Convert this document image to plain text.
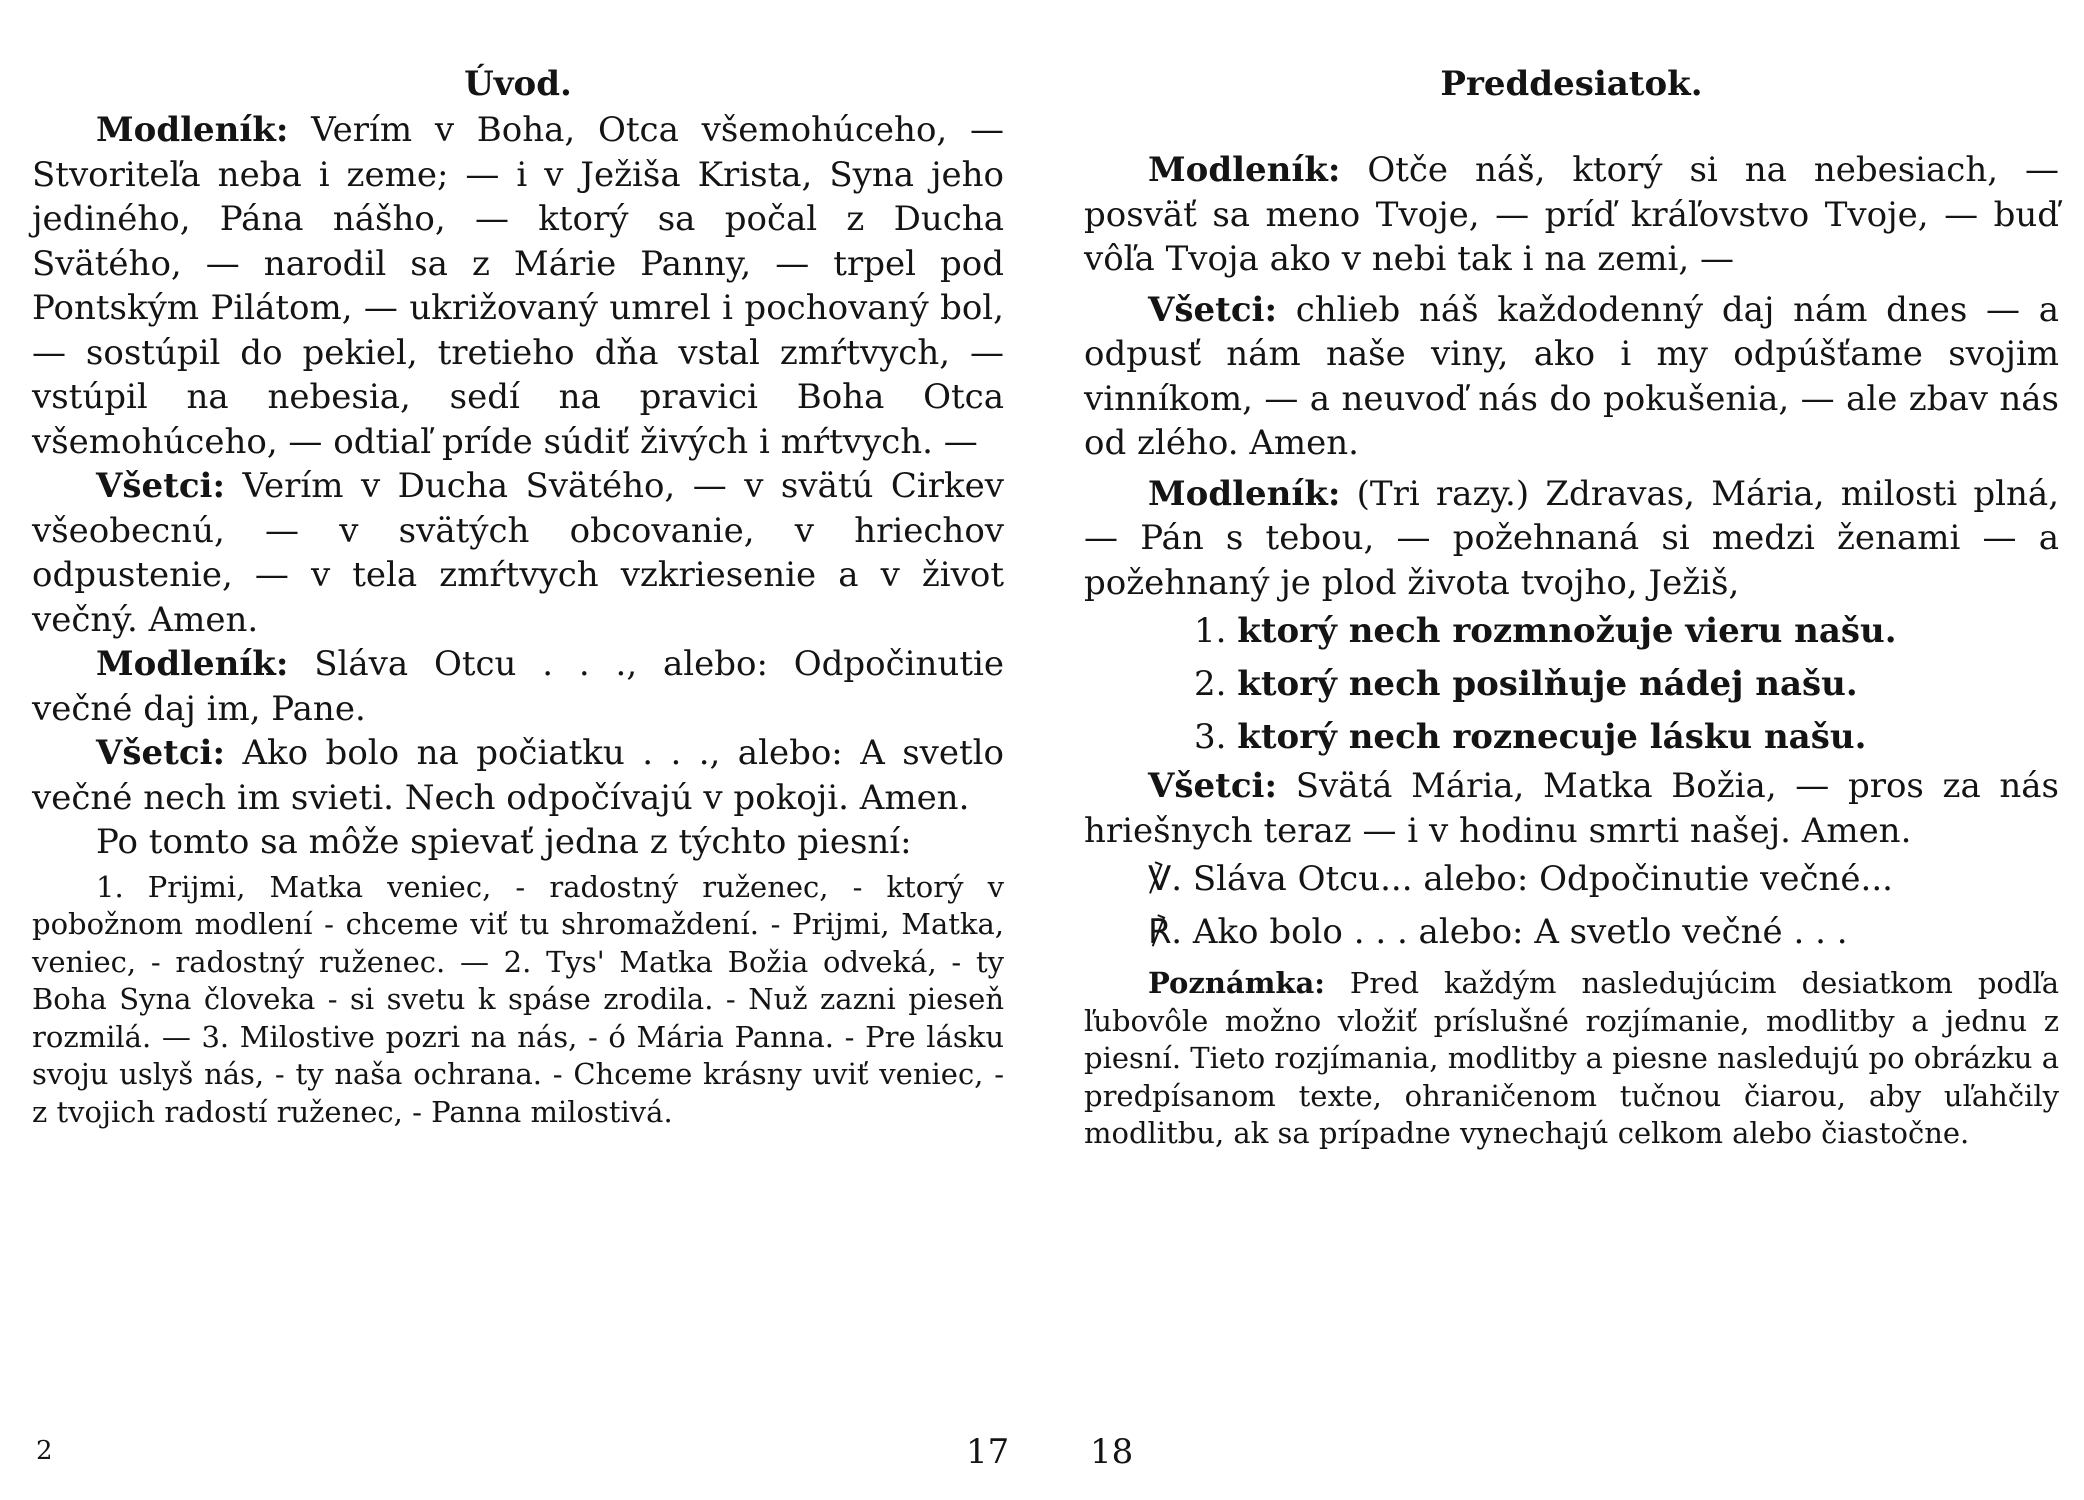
Úvod.

Modleník: Verím v Boha, Otca všemohúceho, — Stvoriteľa neba i zeme; — i v Ježiša Krista, Syna jeho jediného, Pána nášho, — ktorý sa počal z Ducha Svätého, — narodil sa z Márie Panny, — trpel pod Pontským Pilátom, — ukrižovaný umrel i pochovaný bol, — sostúpil do pekiel, tretieho dňa vstal zmŕtvych, — vstúpil na nebesia, sedí na pravici Boha Otca všemohúceho, — odtiaľ príde súdiť živých i mŕtvych. —

Všetci: Verím v Ducha Svätého, — v svätú Cirkev všeobecnú, — v svätých obcovanie, v hriechov odpustenie, — v tela zmŕtvych vzkriesenie a v život večný. Amen.

Modleník: Sláva Otcu . . ., alebo: Odpočinutie večné daj im, Pane.

Všetci: Ako bolo na počiatku . . ., alebo: A svetlo večné nech im svieti. Nech odpočívajú v pokoji. Amen.

Po tomto sa môže spievať jedna z týchto piesní:

1. Prijmi, Matka veniec, - radostný ruženec, - ktorý v pobožnom modlení - chceme viť tu shromaždení. - Prijmi, Matka, veniec, - radostný ruženec. — 2. Tys' Matka Božia odveká, - ty Boha Syna človeka - si svetu k spáse zrodila. - Nuž zazni pieseň rozmilá. — 3. Milostive pozri na nás, - ó Mária Panna. - Pre lásku svoju uslyš nás, - ty naša ochrana. - Chceme krásny uviť veniec, - z tvojich radostí ruženec, - Panna milostivá.

2	17
Preddesiatok.

Modleník: Otče náš, ktorý si na nebesiach, — posväť sa meno Tvoje, — príď kráľovstvo Tvoje, — buď vôľa Tvoja ako v nebi tak i na zemi, —

Všetci: chlieb náš každodenný daj nám dnes — a odpusť nám naše viny, ako i my odpúšťame svojim vinníkom, — a neuvoď nás do pokušenia, — ale zbav nás od zlého. Amen.

Modleník: (Tri razy.) Zdravas, Mária, milosti plná, — Pán s tebou, — požehnaná si medzi ženami — a požehnaný je plod života tvojho, Ježiš,

1. ktorý nech rozmnožuje vieru našu.
2. ktorý nech posilňuje nádej našu.
3. ktorý nech roznecuje lásku našu.

Všetci: Svätá Mária, Matka Božia, — pros za nás hriešnych teraz — i v hodinu smrti našej. Amen.

℣. Sláva Otcu... alebo: Odpočinutie večné...
℟. Ako bolo . . . alebo: A svetlo večné . . .

Poznámka: Pred každým nasledujúcim desiatkom podľa ľubovôle možno vložiť príslušné rozjímanie, modlitby a jednu z piesní. Tieto rozjímania, modlitby a piesne nasledujú po obrázku a predpísanom texte, ohraničenom tučnou čiarou, aby uľahčily modlitbu, ak sa prípadne vynechajú celkom alebo čiastočne.

18
